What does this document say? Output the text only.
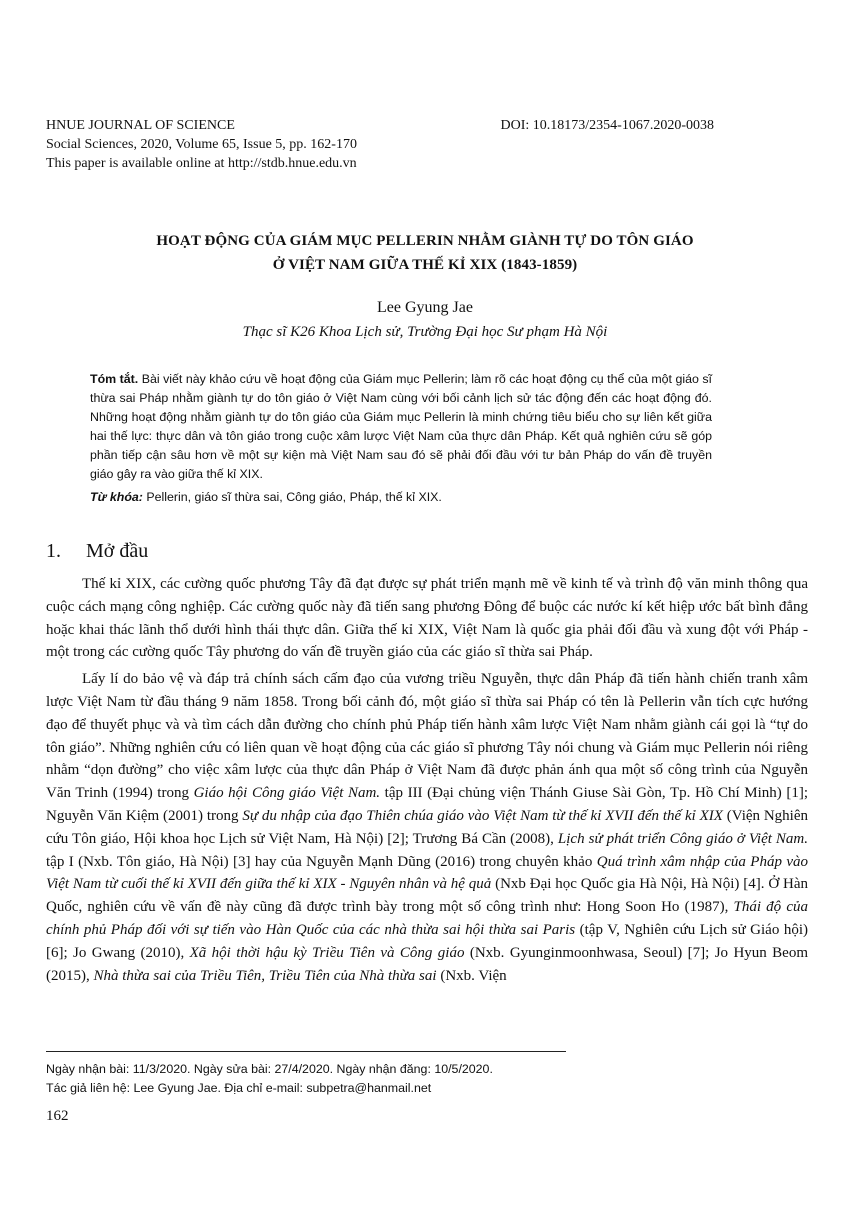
HNUE JOURNAL OF SCIENCE	DOI: 10.18173/2354-1067.2020-0038
Social Sciences, 2020, Volume 65, Issue 5, pp. 162-170
This paper is available online at http://stdb.hnue.edu.vn
HOẠT ĐỘNG CỦA GIÁM MỤC PELLERIN NHẰM GIÀNH TỰ DO TÔN GIÁO
Ở VIỆT NAM GIỮA THẾ KỈ XIX (1843-1859)
Lee Gyung Jae
Thạc sĩ K26 Khoa Lịch sử, Trường Đại học Sư phạm Hà Nội

Tóm tắt. Bài viết này khảo cứu về hoạt động của Giám mục Pellerin; làm rõ các hoạt động cụ thể của một giáo sĩ thừa sai Pháp nhằm giành tự do tôn giáo ở Việt Nam cùng với bối cảnh lịch sử tác động đến các hoạt động đó. Những hoạt động nhằm giành tự do tôn giáo của Giám mục Pellerin là minh chứng tiêu biểu cho sự liên kết giữa hai thế lực: thực dân và tôn giáo trong cuộc xâm lược Việt Nam của thực dân Pháp. Kết quả nghiên cứu sẽ góp phần tiếp cận sâu hơn về một sự kiện mà Việt Nam sau đó sẽ phải đối đầu với tư bản Pháp do vấn đề truyền giáo gây ra vào giữa thế kỉ XIX.

Từ khóa: Pellerin, giáo sĩ thừa sai, Công giáo, Pháp, thế kỉ XIX.

1. Mở đầu

Thế kỉ XIX, các cường quốc phương Tây đã đạt được sự phát triển mạnh mẽ về kinh tế và trình độ văn minh thông qua cuộc cách mạng công nghiệp. Các cường quốc này đã tiến sang phương Đông để buộc các nước kí kết hiệp ước bất bình đẳng hoặc khai thác lãnh thổ dưới hình thái thực dân. Giữa thế kỉ XIX, Việt Nam là quốc gia phải đối đầu và xung đột với Pháp - một trong các cường quốc Tây phương do vấn đề truyền giáo của các giáo sĩ thừa sai Pháp.

Lấy lí do bảo vệ và đáp trả chính sách cấm đạo của vương triều Nguyễn, thực dân Pháp đã tiến hành chiến tranh xâm lược Việt Nam từ đầu tháng 9 năm 1858. Trong bối cảnh đó, một giáo sĩ thừa sai Pháp có tên là Pellerin vẫn tích cực hướng đạo để thuyết phục và và tìm cách dẫn đường cho chính phủ Pháp tiến hành xâm lược Việt Nam nhằm giành cái gọi là “tự do tôn giáo”. Những nghiên cứu có liên quan về hoạt động của các giáo sĩ phương Tây nói chung và Giám mục Pellerin nói riêng nhằm “dọn đường” cho việc xâm lược của thực dân Pháp ở Việt Nam đã được phản ánh qua một số công trình của Nguyễn Văn Trinh (1994) trong Giáo hội Công giáo Việt Nam. tập III (Đại chủng viện Thánh Giuse Sài Gòn, Tp. Hồ Chí Minh) [1]; Nguyễn Văn Kiệm (2001) trong Sự du nhập của đạo Thiên chúa giáo vào Việt Nam từ thế kỉ XVII đến thế kỉ XIX (Viện Nghiên cứu Tôn giáo, Hội khoa học Lịch sử Việt Nam, Hà Nội) [2]; Trương Bá Cần (2008), Lịch sử phát triển Công giáo ở Việt Nam. tập I (Nxb. Tôn giáo, Hà Nội) [3] hay của Nguyễn Mạnh Dũng (2016) trong chuyên khảo Quá trình xâm nhập của Pháp vào Việt Nam từ cuối thế kỉ XVII đến giữa thế kỉ XIX - Nguyên nhân và hệ quả (Nxb Đại học Quốc gia Hà Nội, Hà Nội) [4]. Ở Hàn Quốc, nghiên cứu về vấn đề này cũng đã được trình bày trong một số công trình như: Hong Soon Ho (1987), Thái độ của chính phủ Pháp đối với sự tiến vào Hàn Quốc của các nhà thừa sai hội thừa sai Paris (tập V, Nghiên cứu Lịch sử Giáo hội) [6]; Jo Gwang (2010), Xã hội thời hậu kỳ Triều Tiên và Công giáo (Nxb. Gyunginmoonhwasa, Seoul) [7]; Jo Hyun Beom (2015), Nhà thừa sai của Triều Tiên, Triều Tiên của Nhà thừa sai (Nxb. Viện

Ngày nhận bài: 11/3/2020. Ngày sửa bài: 27/4/2020. Ngày nhận đăng: 10/5/2020.
Tác giả liên hệ: Lee Gyung Jae. Địa chỉ e-mail: subpetra@hanmail.net
162
